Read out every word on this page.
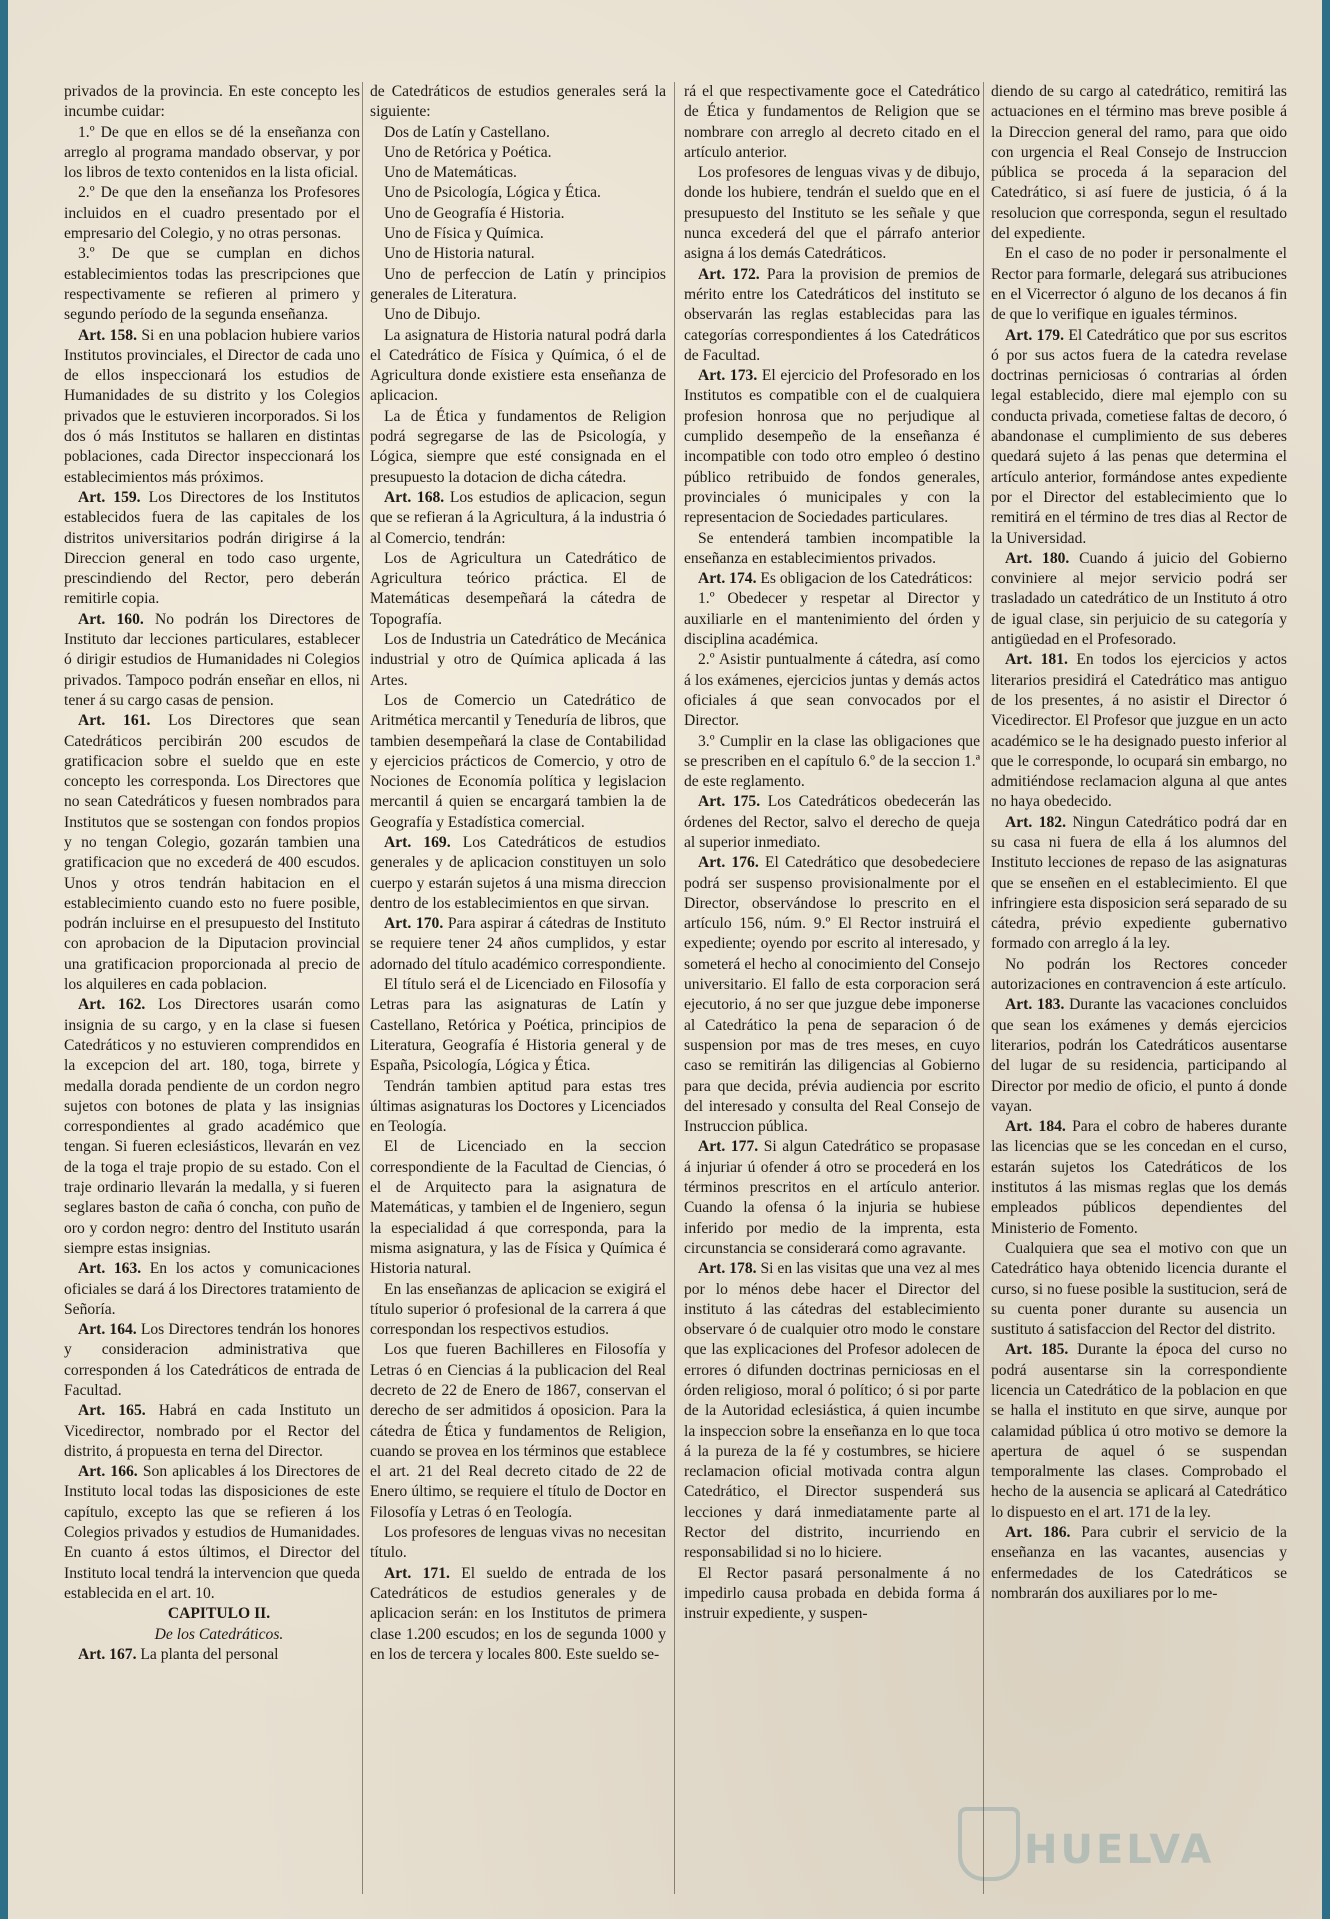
privados de la provincia. En este concepto les incumbe cuidar:

1.º De que en ellos se dé la enseñanza con arreglo al programa mandado observar, y por los libros de texto contenidos en la lista oficial.

2.º De que den la enseñanza los Profesores incluidos en el cuadro presentado por el empresario del Colegio, y no otras personas.

3.º De que se cumplan en dichos establecimientos todas las prescripciones que respectivamente se refieren al primero y segundo período de la segunda enseñanza.

Art. 158. Si en una poblacion hubiere varios Institutos provinciales, el Director de cada uno de ellos inspeccionará los estudios de Humanidades de su distrito y los Colegios privados que le estuvieren incorporados. Si los dos ó más Institutos se hallaren en distintas poblaciones, cada Director inspeccionará los establecimientos más próximos.

Art. 159. Los Directores de los Institutos establecidos fuera de las capitales de los distritos universitarios podrán dirigirse á la Direccion general en todo caso urgente, prescindiendo del Rector, pero deberán remitirle copia.

Art. 160. No podrán los Directores de Instituto dar lecciones particulares, establecer ó dirigir estudios de Humanidades ni Colegios privados. Tampoco podrán enseñar en ellos, ni tener á su cargo casas de pension.

Art. 161. Los Directores que sean Catedráticos percibirán 200 escudos de gratificacion sobre el sueldo que en este concepto les corresponda. Los Directores que no sean Catedráticos y fuesen nombrados para Institutos que se sostengan con fondos propios y no tengan Colegio, gozarán tambien una gratificacion que no excederá de 400 escudos. Unos y otros tendrán habitacion en el establecimiento cuando esto no fuere posible, podrán incluirse en el presupuesto del Instituto con aprobacion de la Diputacion provincial una gratificacion proporcionada al precio de los alquileres en cada poblacion.

Art. 162. Los Directores usarán como insignia de su cargo, y en la clase si fuesen Catedráticos y no estuvieren comprendidos en la excepcion del art. 180, toga, birrete y medalla dorada pendiente de un cordon negro sujetos con botones de plata y las insignias correspondientes al grado académico que tengan. Si fueren eclesiásticos, llevarán en vez de la toga el traje propio de su estado. Con el traje ordinario llevarán la medalla, y si fueren seglares baston de caña ó concha, con puño de oro y cordon negro: dentro del Instituto usarán siempre estas insignias.

Art. 163. En los actos y comunicaciones oficiales se dará á los Directores tratamiento de Señoría.

Art. 164. Los Directores tendrán los honores y consideracion administrativa que corresponden á los Catedráticos de entrada de Facultad.

Art. 165. Habrá en cada Instituto un Vicedirector, nombrado por el Rector del distrito, á propuesta en terna del Director.

Art. 166. Son aplicables á los Directores de Instituto local todas las disposiciones de este capítulo, excepto las que se refieren á los Colegios privados y estudios de Humanidades. En cuanto á estos últimos, el Director del Instituto local tendrá la intervencion que queda establecida en el art. 10.

CAPITULO II.

De los Catedráticos.

Art. 167. La planta del personal

de Catedráticos de estudios generales será la siguiente:

Dos de Latín y Castellano.

Uno de Retórica y Poética.

Uno de Matemáticas.

Uno de Psicología, Lógica y Ética.

Uno de Geografía é Historia.

Uno de Física y Química.

Uno de Historia natural.

Uno de perfeccion de Latín y principios generales de Literatura.

Uno de Dibujo.

La asignatura de Historia natural podrá darla el Catedrático de Física y Química, ó el de Agricultura donde existiere esta enseñanza de aplicacion.

La de Ética y fundamentos de Religion podrá segregarse de las de Psicología, y Lógica, siempre que esté consignada en el presupuesto la dotacion de dicha cátedra.

Art. 168. Los estudios de aplicacion, segun que se refieran á la Agricultura, á la industria ó al Comercio, tendrán:

Los de Agricultura un Catedrático de Agricultura teórico práctica. El de Matemáticas desempeñará la cátedra de Topografía.

Los de Industria un Catedrático de Mecánica industrial y otro de Química aplicada á las Artes.

Los de Comercio un Catedrático de Aritmética mercantil y Teneduría de libros, que tambien desempeñará la clase de Contabilidad y ejercicios prácticos de Comercio, y otro de Nociones de Economía política y legislacion mercantil á quien se encargará tambien la de Geografía y Estadística comercial.

Art. 169. Los Catedráticos de estudios generales y de aplicacion constituyen un solo cuerpo y estarán sujetos á una misma direccion dentro de los establecimientos en que sirvan.

Art. 170. Para aspirar á cátedras de Instituto se requiere tener 24 años cumplidos, y estar adornado del título académico correspondiente.

El título será el de Licenciado en Filosofía y Letras para las asignaturas de Latín y Castellano, Retórica y Poética, principios de Literatura, Geografía é Historia general y de España, Psicología, Lógica y Ética.

Tendrán tambien aptitud para estas tres últimas asignaturas los Doctores y Licenciados en Teología.

El de Licenciado en la seccion correspondiente de la Facultad de Ciencias, ó el de Arquitecto para la asignatura de Matemáticas, y tambien el de Ingeniero, segun la especialidad á que corresponda, para la misma asignatura, y las de Física y Química é Historia natural.

En las enseñanzas de aplicacion se exigirá el título superior ó profesional de la carrera á que correspondan los respectivos estudios.

Los que fueren Bachilleres en Filosofía y Letras ó en Ciencias á la publicacion del Real decreto de 22 de Enero de 1867, conservan el derecho de ser admitidos á oposicion. Para la cátedra de Ética y fundamentos de Religion, cuando se provea en los términos que establece el art. 21 del Real decreto citado de 22 de Enero último, se requiere el título de Doctor en Filosofía y Letras ó en Teología.

Los profesores de lenguas vivas no necesitan título.

Art. 171. El sueldo de entrada de los Catedráticos de estudios generales y de aplicacion serán: en los Institutos de primera clase 1.200 escudos; en los de segunda 1000 y en los de tercera y locales 800. Este sueldo se-

rá el que respectivamente goce el Catedrático de Ética y fundamentos de Religion que se nombrare con arreglo al decreto citado en el artículo anterior.

Los profesores de lenguas vivas y de dibujo, donde los hubiere, tendrán el sueldo que en el presupuesto del Instituto se les señale y que nunca excederá del que el párrafo anterior asigna á los demás Catedráticos.

Art. 172. Para la provision de premios de mérito entre los Catedráticos del instituto se observarán las reglas establecidas para las categorías correspondientes á los Catedráticos de Facultad.

Art. 173. El ejercicio del Profesorado en los Institutos es compatible con el de cualquiera profesion honrosa que no perjudique al cumplido desempeño de la enseñanza é incompatible con todo otro empleo ó destino público retribuido de fondos generales, provinciales ó municipales y con la representacion de Sociedades particulares.

Se entenderá tambien incompatible la enseñanza en establecimientos privados.

Art. 174. Es obligacion de los Catedráticos:

1.º Obedecer y respetar al Director y auxiliarle en el mantenimiento del órden y disciplina académica.

2.º Asistir puntualmente á cátedra, así como á los exámenes, ejercicios juntas y demás actos oficiales á que sean convocados por el Director.

3.º Cumplir en la clase las obligaciones que se prescriben en el capítulo 6.º de la seccion 1.ª de este reglamento.

Art. 175. Los Catedráticos obedecerán las órdenes del Rector, salvo el derecho de queja al superior inmediato.

Art. 176. El Catedrático que desobedeciere podrá ser suspenso provisionalmente por el Director, observándose lo prescrito en el artículo 156, núm. 9.º El Rector instruirá el expediente; oyendo por escrito al interesado, y someterá el hecho al conocimiento del Consejo universitario. El fallo de esta corporacion será ejecutorio, á no ser que juzgue debe imponerse al Catedrático la pena de separacion ó de suspension por mas de tres meses, en cuyo caso se remitirán las diligencias al Gobierno para que decida, prévia audiencia por escrito del interesado y consulta del Real Consejo de Instruccion pública.

Art. 177. Si algun Catedrático se propasase á injuriar ú ofender á otro se procederá en los términos prescritos en el artículo anterior. Cuando la ofensa ó la injuria se hubiese inferido por medio de la imprenta, esta circunstancia se considerará como agravante.

Art. 178. Si en las visitas que una vez al mes por lo ménos debe hacer el Director del instituto á las cátedras del establecimiento observare ó de cualquier otro modo le constare que las explicaciones del Profesor adolecen de errores ó difunden doctrinas perniciosas en el órden religioso, moral ó político; ó si por parte de la Autoridad eclesiástica, á quien incumbe la inspeccion sobre la enseñanza en lo que toca á la pureza de la fé y costumbres, se hiciere reclamacion oficial motivada contra algun Catedrático, el Director suspenderá sus lecciones y dará inmediatamente parte al Rector del distrito, incurriendo en responsabilidad si no lo hiciere.

El Rector pasará personalmente á no impedirlo causa probada en debida forma á instruir expediente, y suspen-

diendo de su cargo al catedrático, remitirá las actuaciones en el término mas breve posible á la Direccion general del ramo, para que oido con urgencia el Real Consejo de Instruccion pública se proceda á la separacion del Catedrático, si así fuere de justicia, ó á la resolucion que corresponda, segun el resultado del expediente.

En el caso de no poder ir personalmente el Rector para formarle, delegará sus atribuciones en el Vicerrector ó alguno de los decanos á fin de que lo verifique en iguales términos.

Art. 179. El Catedrático que por sus escritos ó por sus actos fuera de la catedra revelase doctrinas perniciosas ó contrarias al órden legal establecido, diere mal ejemplo con su conducta privada, cometiese faltas de decoro, ó abandonase el cumplimiento de sus deberes quedará sujeto á las penas que determina el artículo anterior, formándose antes expediente por el Director del establecimiento que lo remitirá en el término de tres dias al Rector de la Universidad.

Art. 180. Cuando á juicio del Gobierno conviniere al mejor servicio podrá ser trasladado un catedrático de un Instituto á otro de igual clase, sin perjuicio de su categoría y antigüedad en el Profesorado.

Art. 181. En todos los ejercicios y actos literarios presidirá el Catedrático mas antiguo de los presentes, á no asistir el Director ó Vicedirector. El Profesor que juzgue en un acto académico se le ha designado puesto inferior al que le corresponde, lo ocupará sin embargo, no admitiéndose reclamacion alguna al que antes no haya obedecido.

Art. 182. Ningun Catedrático podrá dar en su casa ni fuera de ella á los alumnos del Instituto lecciones de repaso de las asignaturas que se enseñen en el establecimiento. El que infringiere esta disposicion será separado de su cátedra, prévio expediente gubernativo formado con arreglo á la ley.

No podrán los Rectores conceder autorizaciones en contravencion á este artículo.

Art. 183. Durante las vacaciones concluidos que sean los exámenes y demás ejercicios literarios, podrán los Catedráticos ausentarse del lugar de su residencia, participando al Director por medio de oficio, el punto á donde vayan.

Art. 184. Para el cobro de haberes durante las licencias que se les concedan en el curso, estarán sujetos los Catedráticos de los institutos á las mismas reglas que los demás empleados públicos dependientes del Ministerio de Fomento.

Cualquiera que sea el motivo con que un Catedrático haya obtenido licencia durante el curso, si no fuese posible la sustitucion, será de su cuenta poner durante su ausencia un sustituto á satisfaccion del Rector del distrito.

Art. 185. Durante la época del curso no podrá ausentarse sin la correspondiente licencia un Catedrático de la poblacion en que se halla el instituto en que sirve, aunque por calamidad pública ú otro motivo se demore la apertura de aquel ó se suspendan temporalmente las clases. Comprobado el hecho de la ausencia se aplicará al Catedrático lo dispuesto en el art. 171 de la ley.

Art. 186. Para cubrir el servicio de la enseñanza en las vacantes, ausencias y enfermedades de los Catedráticos se nombrarán dos auxiliares por lo me-

HUELVA
